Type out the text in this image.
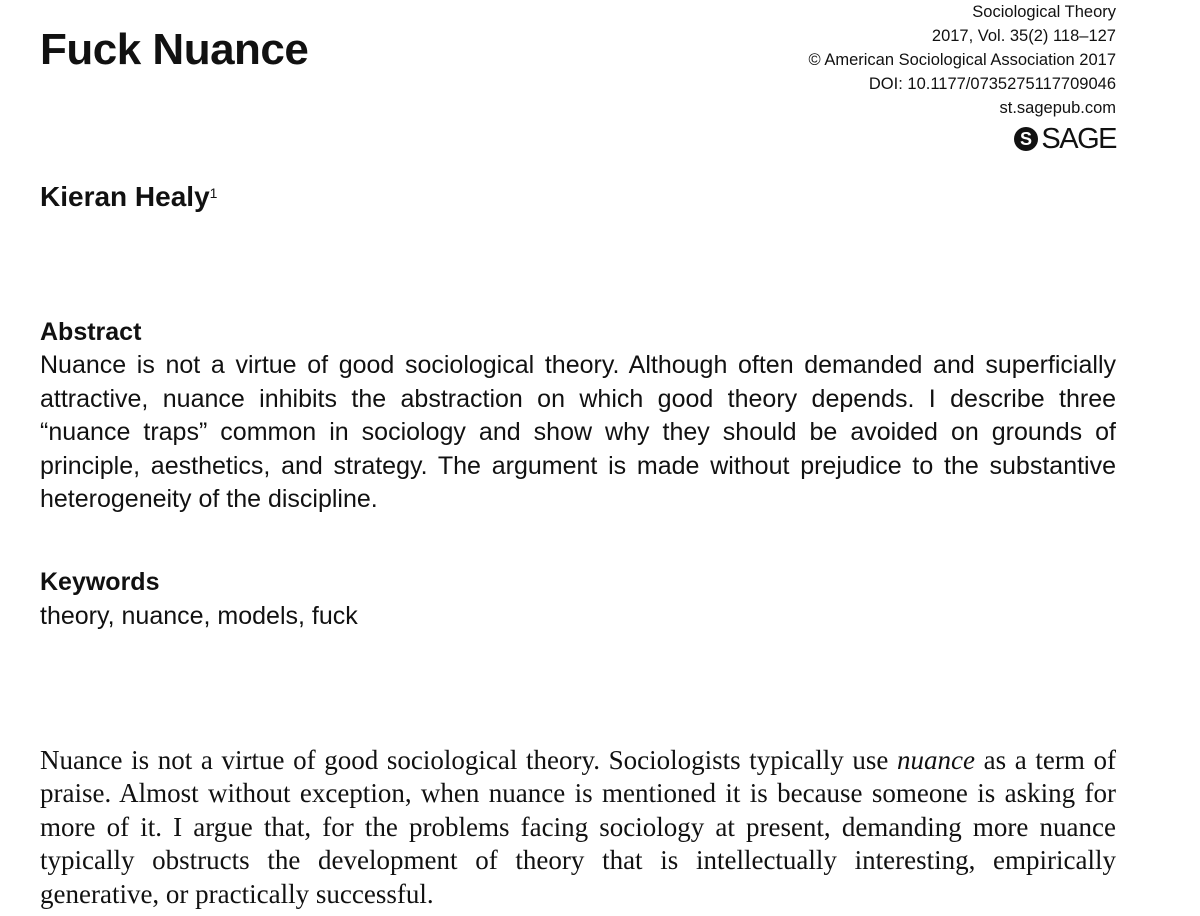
Fuck Nuance
Sociological Theory
2017, Vol. 35(2) 118–127
© American Sociological Association 2017
DOI: 10.1177/0735275117709046
st.sagepub.com
S SAGE
Kieran Healy$^1$
Abstract

Nuance is not a virtue of good sociological theory. Although often demanded and superficially attractive, nuance inhibits the abstraction on which good theory depends. I describe three “nuance traps” common in sociology and show why they should be avoided on grounds of principle, aesthetics, and strategy. The argument is made without prejudice to the substantive heterogeneity of the discipline.

Keywords
theory, nuance, models, fuck

Nuance is not a virtue of good sociological theory. Sociologists typically use nuance as a term of praise. Almost without exception, when nuance is mentioned it is because someone is asking for more of it. I argue that, for the problems facing sociology at present, demanding more nuance typically obstructs the development of theory that is intellectually interesting, empirically generative, or practically successful.
